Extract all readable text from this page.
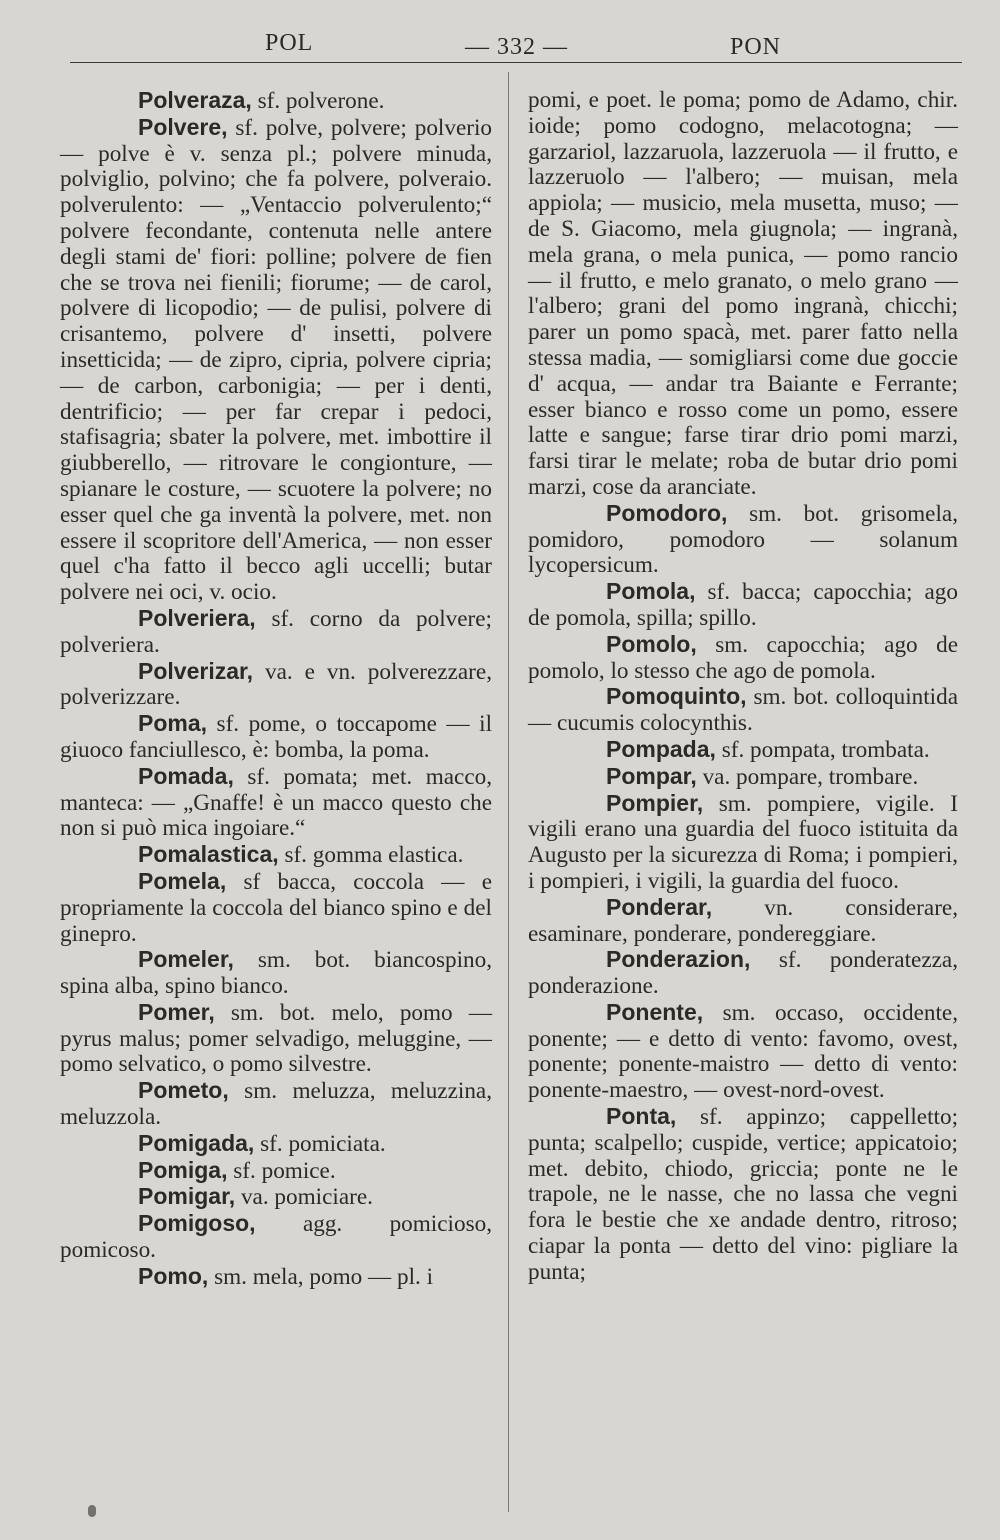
POL	— 332 —	PON

Polveraza, sf. polverone.

Polvere, sf. polve, polvere; polverio — polve è v. senza pl.; polvere minuda, polviglio, polvino; che fa polvere, polveraio. polverulento: — „Ventaccio polverulento;“ polvere fecondante, contenuta nelle antere degli stami de' fiori: polline; polvere de fien che se trova nei fienili; fiorume; — de carol, polvere di licopodio; — de pulisi, polvere di crisantemo, polvere d' insetti, polvere insetticida; — de zipro, cipria, polvere cipria; — de carbon, carbonigia; — per i denti, dentrificio; — per far crepar i pedoci, stafisagria; sbater la polvere, met. imbottire il giubberello, — ritrovare le congionture, — spianare le costure, — scuotere la polvere; no esser quel che ga inventà la polvere, met. non essere il scopritore dell'America, — non esser quel c'ha fatto il becco agli uccelli; butar polvere nei oci, v. ocio.

Polveriera, sf. corno da polvere; polveriera.

Polverizar, va. e vn. polverezzare, polverizzare.

Poma, sf. pome, o toccapome — il giuoco fanciullesco, è: bomba, la poma.

Pomada, sf. pomata; met. macco, manteca: — „Gnaffe! è un macco questo che non si può mica ingoiare.“

Pomalastica, sf. gomma elastica.

Pomela, sf bacca, coccola — e propriamente la coccola del bianco spino e del ginepro.

Pomeler, sm. bot. biancospino, spina alba, spino bianco.

Pomer, sm. bot. melo, pomo — pyrus malus; pomer selvadigo, meluggine, — pomo selvatico, o pomo silvestre.

Pometo, sm. meluzza, meluzzina, meluzzola.

Pomigada, sf. pomiciata.

Pomiga, sf. pomice.

Pomigar, va. pomiciare.

Pomigoso, agg. pomicioso, pomicoso.

Pomo, sm. mela, pomo — pl. i

pomi, e poet. le poma; pomo de Adamo, chir. ioide; pomo codogno, melacotogna; — garzariol, lazzaruola, lazzeruola — il frutto, e lazzeruolo — l'albero; — muisan, mela appiola; — musicio, mela musetta, muso; — de S. Giacomo, mela giugnola; — ingranà, mela grana, o mela punica, — pomo rancio — il frutto, e melo granato, o melo grano — l'albero; grani del pomo ingranà, chicchi; parer un pomo spacà, met. parer fatto nella stessa madia, — somigliarsi come due goccie d' acqua, — andar tra Baiante e Ferrante; esser bianco e rosso come un pomo, essere latte e sangue; farse tirar drio pomi marzi, farsi tirar le melate; roba de butar drio pomi marzi, cose da aranciate.

Pomodoro, sm. bot. grisomela, pomidoro, pomodoro — solanum lycopersicum.

Pomola, sf. bacca; capocchia; ago de pomola, spilla; spillo.

Pomolo, sm. capocchia; ago de pomolo, lo stesso che ago de pomola.

Pomoquinto, sm. bot. colloquintida — cucumis colocynthis.

Pompada, sf. pompata, trombata.

Pompar, va. pompare, trombare.

Pompier, sm. pompiere, vigile. I vigili erano una guardia del fuoco istituita da Augusto per la sicurezza di Roma; i pompieri, i pompieri, i vigili, la guardia del fuoco.

Ponderar, vn. considerare, esaminare, ponderare, pondereggiare.

Ponderazion, sf. ponderatezza, ponderazione.

Ponente, sm. occaso, occidente, ponente; — e detto di vento: favomo, ovest, ponente; ponente-maistro — detto di vento: ponente-maestro, — ovest-nord-ovest.

Ponta, sf. appinzo; cappelletto; punta; scalpello; cuspide, vertice; appicatoio; met. debito, chiodo, griccia; ponte ne le trapole, ne le nasse, che no lassa che vegni fora le bestie che xe andade dentro, ritroso; ciapar la ponta — detto del vino: pigliare la punta;
